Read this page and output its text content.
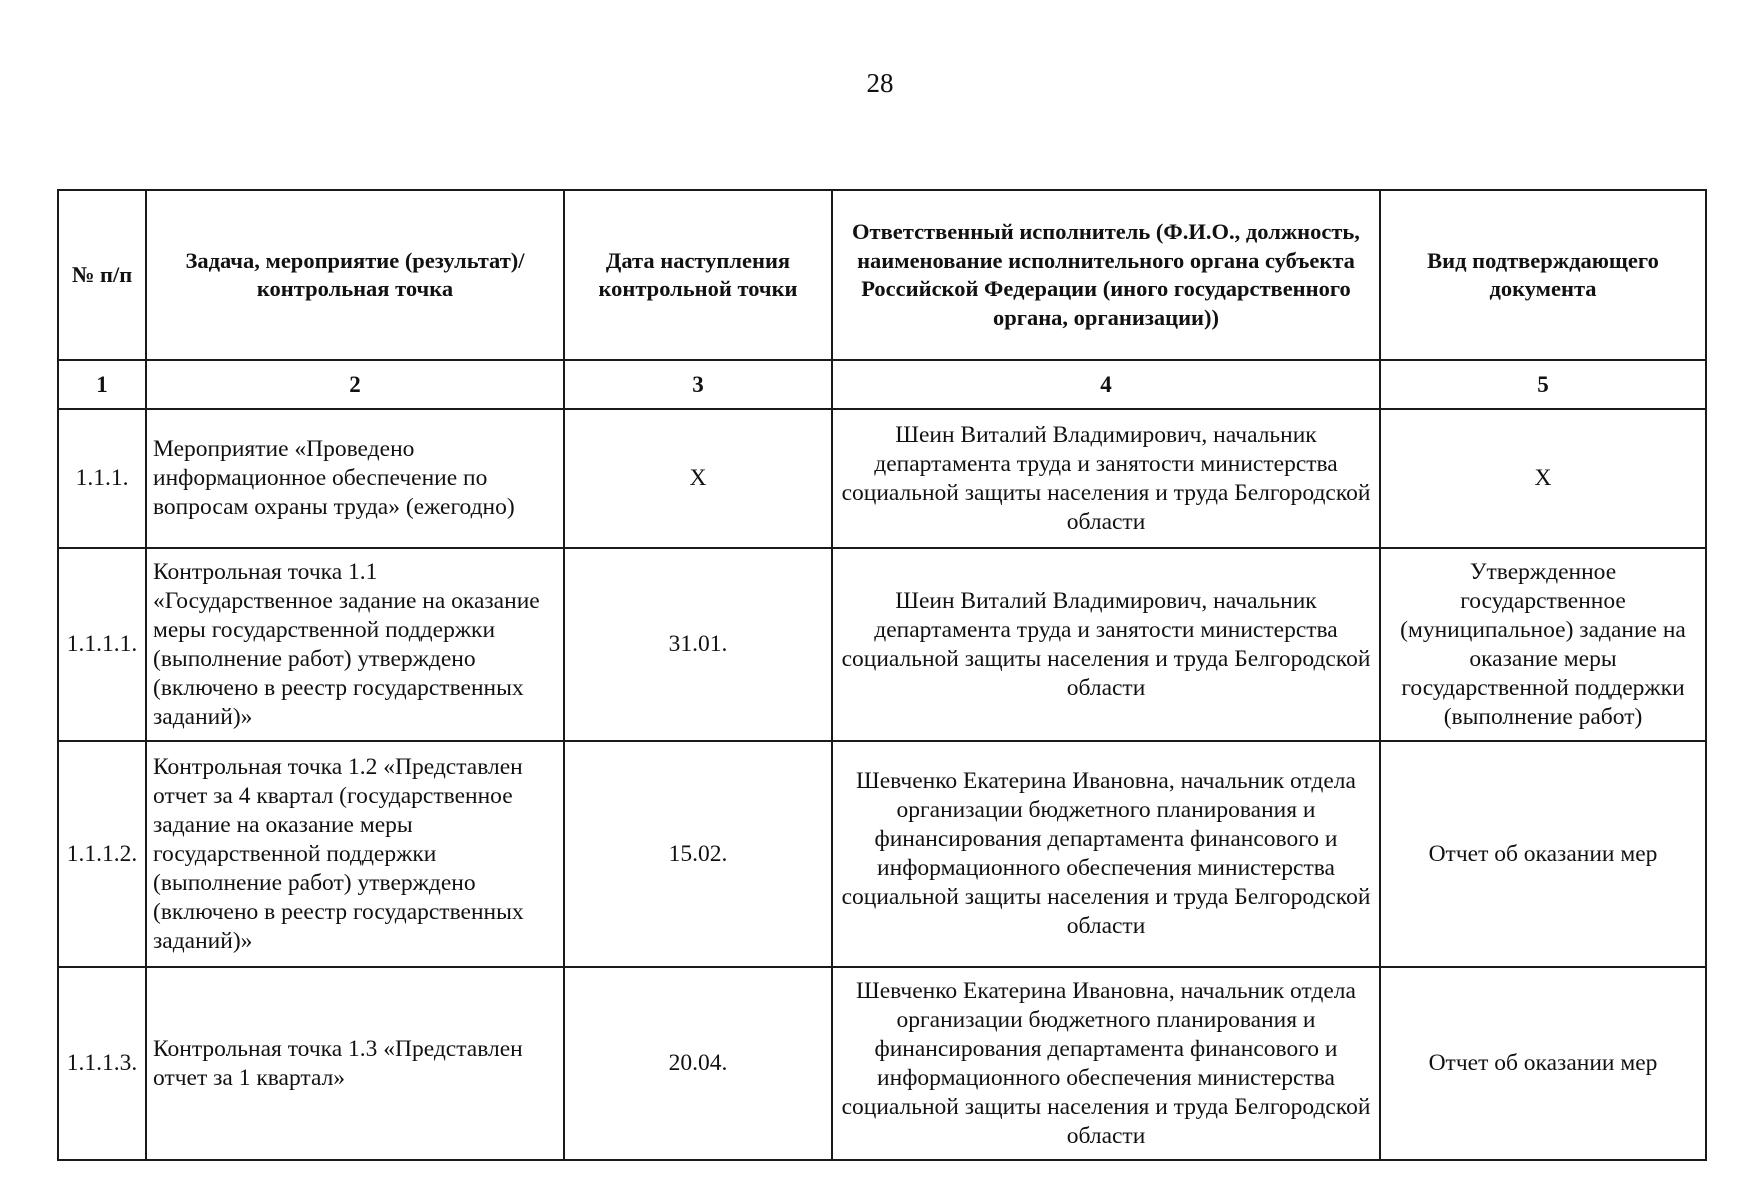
28
№ п/п	Задача, мероприятие (результат)/ контрольная точка	Дата наступления контрольной точки	Ответственный исполнитель (Ф.И.О., должность, наименование исполнительного органа субъекта Российской Федерации (иного государственного органа, организации))	Вид подтверждающего документа
1	2	3	4	5
1.1.1.	Мероприятие «Проведено информационное обеспечение по вопросам охраны труда» (ежегодно)	Х	Шеин Виталий Владимирович, начальник департамента труда и занятости министерства социальной защиты населения и труда Белгородской области	Х
1.1.1.1.	Контрольная точка 1.1 «Государственное задание на оказание меры государственной поддержки (выполнение работ) утверждено (включено в реестр государственных заданий)»	31.01.	Шеин Виталий Владимирович, начальник департамента труда и занятости министерства социальной защиты населения и труда Белгородской области	Утвержденное государственное (муниципальное) задание на оказание меры государственной поддержки (выполнение работ)
1.1.1.2.	Контрольная точка 1.2 «Представлен отчет за 4 квартал (государственное задание на оказание меры государственной поддержки (выполнение работ) утверждено (включено в реестр государственных заданий)»	15.02.	Шевченко Екатерина Ивановна, начальник отдела организации бюджетного планирования и финансирования департамента финансового и информационного обеспечения министерства социальной защиты населения и труда Белгородской области	Отчет об оказании мер
1.1.1.3.	Контрольная точка 1.3 «Представлен отчет за 1 квартал»	20.04.	Шевченко Екатерина Ивановна, начальник отдела организации бюджетного планирования и финансирования департамента финансового и информационного обеспечения министерства социальной защиты населения и труда Белгородской области	Отчет об оказании мер
